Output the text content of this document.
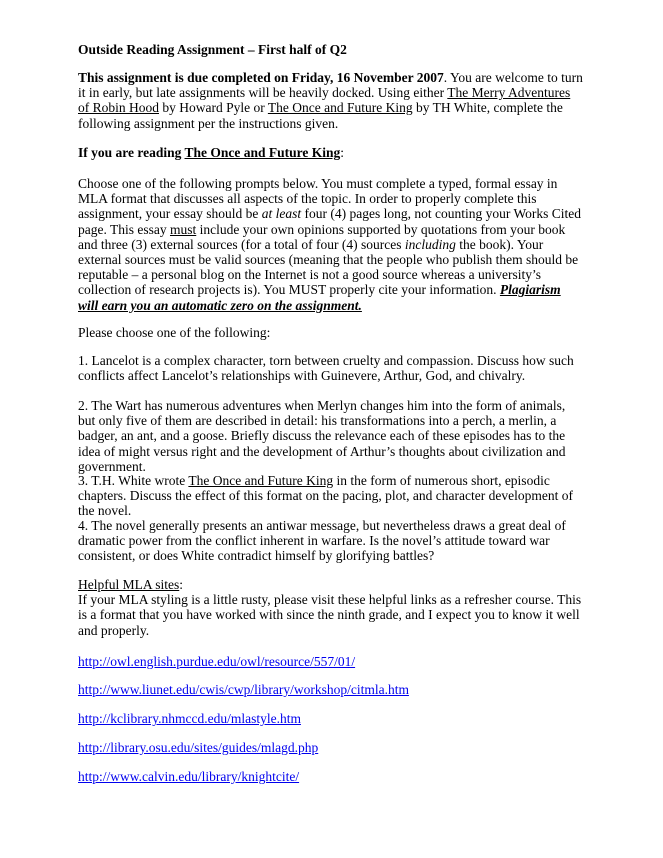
Outside Reading Assignment – First half of Q2

This assignment is due completed on Friday, 16 November 2007. You are welcome to turn it in early, but late assignments will be heavily docked. Using either The Merry Adventures of Robin Hood by Howard Pyle or The Once and Future King by TH White, complete the following assignment per the instructions given.

If you are reading The Once and Future King:

Choose one of the following prompts below. You must complete a typed, formal essay in MLA format that discusses all aspects of the topic. In order to properly complete this assignment, your essay should be at least four (4) pages long, not counting your Works Cited page. This essay must include your own opinions supported by quotations from your book and three (3) external sources (for a total of four (4) sources including the book). Your external sources must be valid sources (meaning that the people who publish them should be reputable – a personal blog on the Internet is not a good source whereas a university’s collection of research projects is). You MUST properly cite your information. Plagiarism will earn you an automatic zero on the assignment.

Please choose one of the following:

1. Lancelot is a complex character, torn between cruelty and compassion. Discuss how such conflicts affect Lancelot’s relationships with Guinevere, Arthur, God, and chivalry.

2. The Wart has numerous adventures when Merlyn changes him into the form of animals, but only five of them are described in detail: his transformations into a perch, a merlin, a badger, an ant, and a goose. Briefly discuss the relevance each of these episodes has to the idea of might versus right and the development of Arthur’s thoughts about civilization and government.

3. T.H. White wrote The Once and Future King in the form of numerous short, episodic chapters. Discuss the effect of this format on the pacing, plot, and character development of the novel.

4. The novel generally presents an antiwar message, but nevertheless draws a great deal of dramatic power from the conflict inherent in warfare. Is the novel’s attitude toward war consistent, or does White contradict himself by glorifying battles?

Helpful MLA sites:
If your MLA styling is a little rusty, please visit these helpful links as a refresher course. This is a format that you have worked with since the ninth grade, and I expect you to know it well and properly.

http://owl.english.purdue.edu/owl/resource/557/01/

http://www.liunet.edu/cwis/cwp/library/workshop/citmla.htm

http://kclibrary.nhmccd.edu/mlastyle.htm

http://library.osu.edu/sites/guides/mlagd.php

http://www.calvin.edu/library/knightcite/
